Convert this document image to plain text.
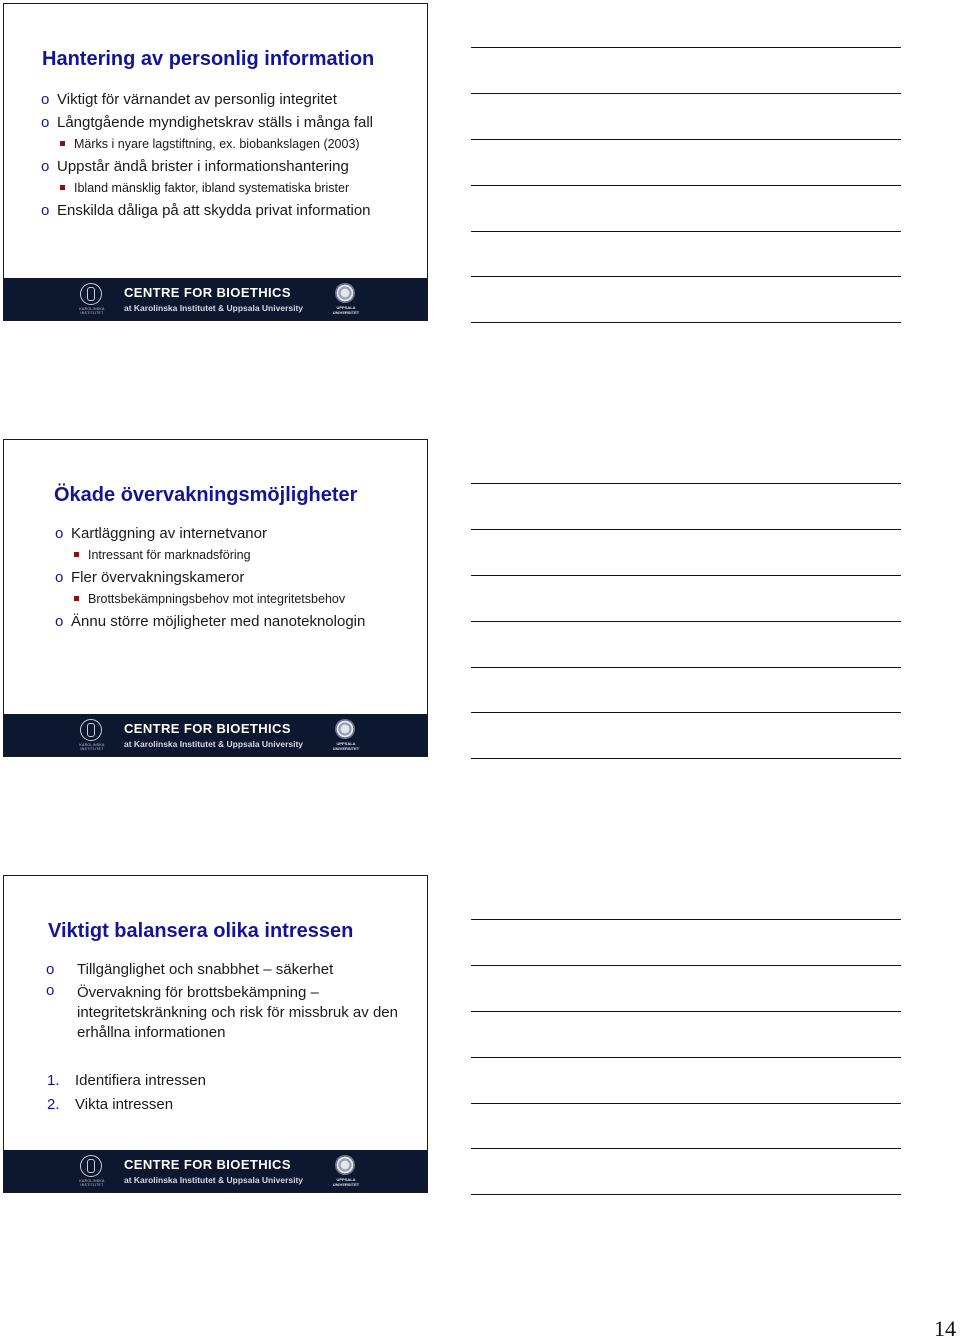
Hantering av personlig information
o Viktigt för värnandet av personlig integritet
o Långtgående myndighetskrav ställs i många fall
Märks i nyare lagstiftning, ex. biobankslagen (2003)
o Uppstår ändå brister i informationshantering
Ibland mänsklig faktor, ibland systematiska brister
o Enskilda dåliga på att skydda privat information
KAROLINSKA INSTITUTET
CENTRE FOR BIOETHICS
at Karolinska Institutet & Uppsala University	UPPSALA UNIVERSITET
Ökade övervakningsmöjligheter
o Kartläggning av internetvanor
Intressant för marknadsföring
o Fler övervakningskameror
Brottsbekämpningsbehov mot integritetsbehov
o Ännu större möjligheter med nanoteknologin
KAROLINSKA INSTITUTET
CENTRE FOR BIOETHICS
at Karolinska Institutet & Uppsala University	UPPSALA UNIVERSITET
Viktigt balansera olika intressen
o Tillgänglighet och snabbhet – säkerhet
o Övervakning för brottsbekämpning – integritetskränkning och risk för missbruk av den erhållna informationen
1. Identifiera intressen
2. Vikta intressen
KAROLINSKA INSTITUTET
CENTRE FOR BIOETHICS
at Karolinska Institutet & Uppsala University	UPPSALA UNIVERSITET
14
